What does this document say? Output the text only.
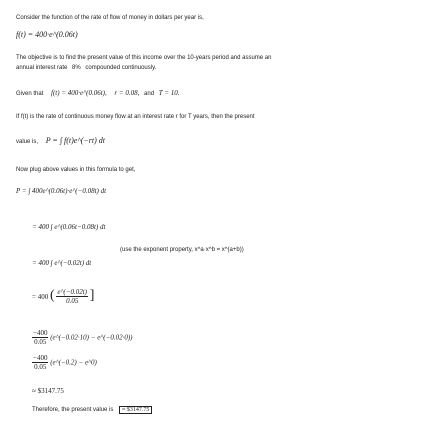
Consider the function of the rate of flow of money in dollars per year is,
f(t) = 400·e^(0.06t)
The objective is to find the present value of this income over the 10-years period and assume an
annual interest rate 8% compounded continuously.
Given that f(t) = 400·e^(0.06t), r = 0.08, and T = 10.
If f(t) is the rate of continuous money flow at an interest rate r for T years, then the present
value is, P = ∫ f(t)e^(−rt) dt
Now plug above values in this formula to get,
P = ∫ 400e^(0.06t)·e^(−0.08t) dt
= 400 ∫ e^(0.06t−0.08t) dt
(use the exponent property, x^a·x^b = x^(a+b))
= 400 ∫ e^(−0.02t) dt
= 400 ( $\frac{e\^{}(-0.02t)}{0.05}$ ]
$\frac{-400}{0.05}$ (e^(−0.02·10) − e^(−0.02·0))
$\frac{-400}{0.05}$ (e^(−0.2) − e^0)
≈ $3147.75
Therefore, the present value is ≈ $3147.75
